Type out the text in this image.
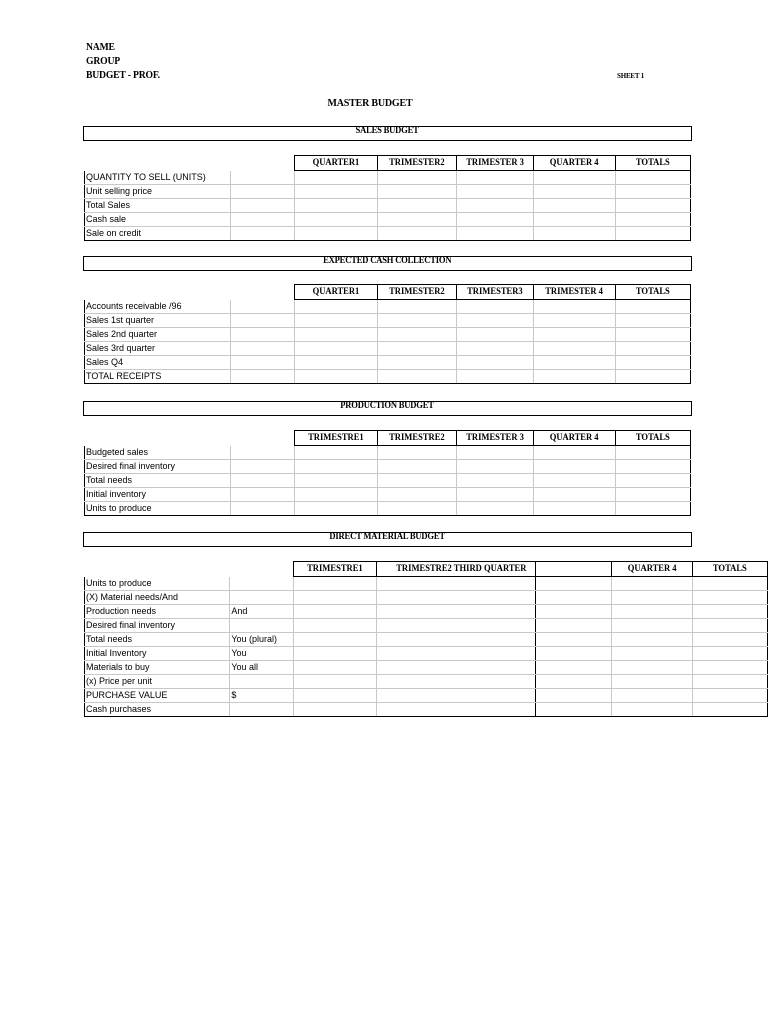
NAME
GROUP
BUDGET - PROF.	SHEET 1
MASTER BUDGET
SALES BUDGET
		QUARTER1	TRIMESTER2	TRIMESTER 3	QUARTER 4	TOTALS
QUANTITY TO SELL (UNITS)						
Unit selling price						
Total Sales						
Cash sale						
Sale on credit						
EXPECTED CASH COLLECTION
		QUARTER1	TRIMESTER2	TRIMESTER3	TRIMESTER 4	TOTALS
Accounts receivable /96						
Sales 1st quarter						
Sales 2nd quarter						
Sales 3rd quarter						
Sales Q4						
TOTAL RECEIPTS						
PRODUCTION BUDGET
		TRIMESTRE1	TRIMESTRE2	TRIMESTER 3	QUARTER 4	TOTALS
Budgeted sales						
Desired final inventory						
Total needs						
Initial inventory						
Units to produce						
DIRECT MATERIAL BUDGET
		TRIMESTRE1	TRIMESTRE2 THIRD QUARTER		QUARTER 4	TOTALS
Units to produce						
(X) Material needs/And						
Production needs	And					
Desired final inventory						
Total needs	You (plural)					
Initial Inventory	You					
Materials to buy	You all					
(x) Price per unit						
PURCHASE VALUE	$					
Cash purchases						
